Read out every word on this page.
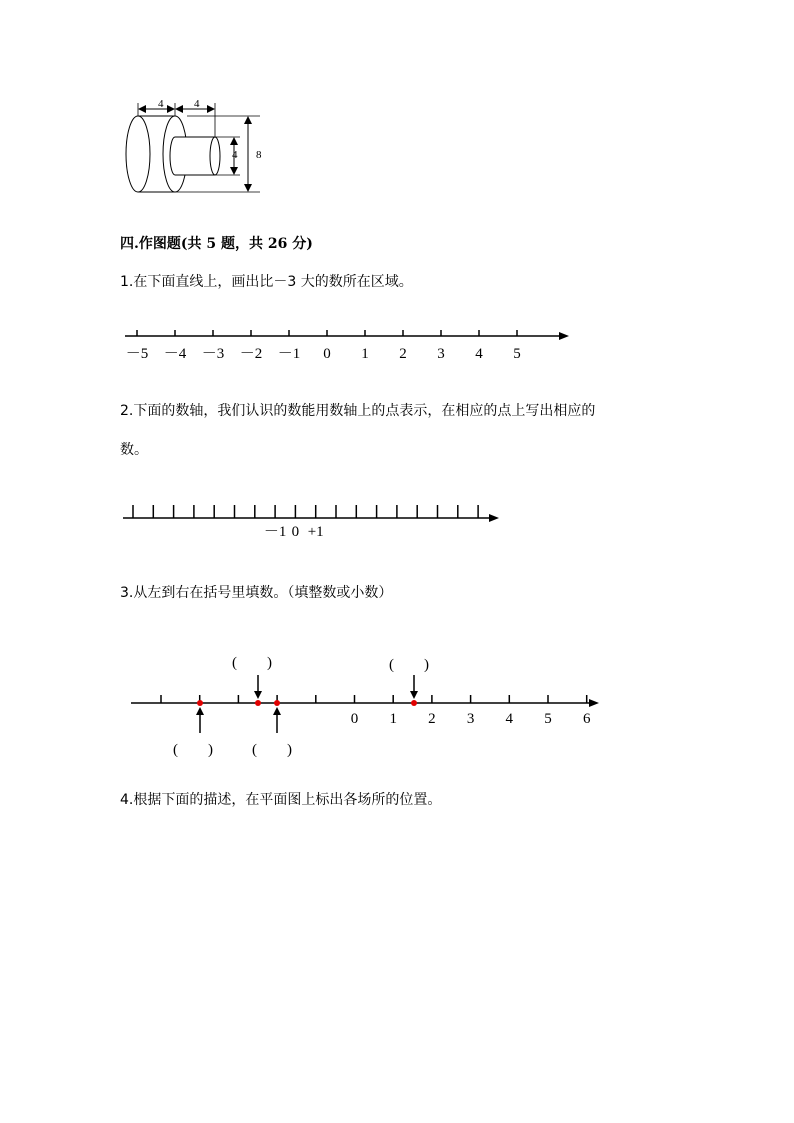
4	4
4 8
四.作图题(共 5 题，共 26 分)
1.在下面直线上，画出比－3 大的数所在区域。
－5 －4 －3 －2 －1 0 1 2 3 4 5
2.下面的数轴，我们认识的数能用数轴上的点表示，在相应的点上写出相应的
数。
－1 0 +1
3.从左到右在括号里填数。（填整数或小数）
0 1 2 3 4 5 6
(　　)	(　　)
(　　)	(　　)
4.根据下面的描述，在平面图上标出各场所的位置。
